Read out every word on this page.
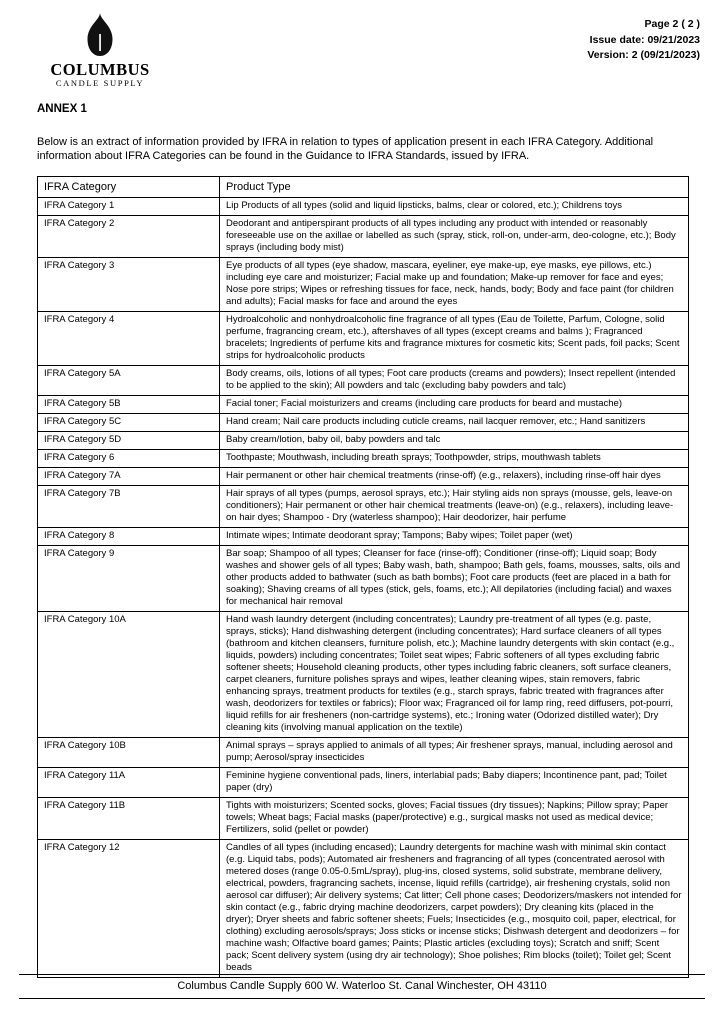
COLUMBUS
CANDLE SUPPLY
Page 2 ( 2 )
Issue date: 09/21/2023
Version: 2 (09/21/2023)
ANNEX 1

Below is an extract of information provided by IFRA in relation to types of application present in each IFRA Category. Additional information about IFRA Categories can be found in the Guidance to IFRA Standards, issued by IFRA.

IFRA Category	Product Type
IFRA Category 1	Lip Products of all types (solid and liquid lipsticks, balms, clear or colored, etc.); Childrens toys
IFRA Category 2	Deodorant and antiperspirant products of all types including any product with intended or reasonably foreseeable use on the axillae or labelled as such (spray, stick, roll-on, under-arm, deo-cologne, etc.); Body sprays (including body mist)
IFRA Category 3	Eye products of all types (eye shadow, mascara, eyeliner, eye make-up, eye masks, eye pillows, etc.) including eye care and moisturizer; Facial make up and foundation; Make-up remover for face and eyes; Nose pore strips; Wipes or refreshing tissues for face, neck, hands, body; Body and face paint (for children and adults); Facial masks for face and around the eyes
IFRA Category 4	Hydroalcoholic and nonhydroalcoholic fine fragrance of all types (Eau de Toilette, Parfum, Cologne, solid perfume, fragrancing cream, etc.), aftershaves of all types (except creams and balms ); Fragranced bracelets; Ingredients of perfume kits and fragrance mixtures for cosmetic kits; Scent pads, foil packs; Scent strips for hydroalcoholic products
IFRA Category 5A	Body creams, oils, lotions of all types; Foot care products (creams and powders); Insect repellent (intended to be applied to the skin); All powders and talc (excluding baby powders and talc)
IFRA Category 5B	Facial toner; Facial moisturizers and creams (including care products for beard and mustache)
IFRA Category 5C	Hand cream; Nail care products including cuticle creams, nail lacquer remover, etc.; Hand sanitizers
IFRA Category 5D	Baby cream/lotion, baby oil, baby powders and talc
IFRA Category 6	Toothpaste; Mouthwash, including breath sprays; Toothpowder, strips, mouthwash tablets
IFRA Category 7A	Hair permanent or other hair chemical treatments (rinse-off) (e.g., relaxers), including rinse-off hair dyes
IFRA Category 7B	Hair sprays of all types (pumps, aerosol sprays, etc.); Hair styling aids non sprays (mousse, gels, leave-on conditioners); Hair permanent or other hair chemical treatments (leave-on) (e.g., relaxers), including leave-on hair dyes; Shampoo - Dry (waterless shampoo); Hair deodorizer, hair perfume
IFRA Category 8	Intimate wipes; Intimate deodorant spray; Tampons; Baby wipes; Toilet paper (wet)
IFRA Category 9	Bar soap; Shampoo of all types; Cleanser for face (rinse-off); Conditioner (rinse-off); Liquid soap; Body washes and shower gels of all types; Baby wash, bath, shampoo; Bath gels, foams, mousses, salts, oils and other products added to bathwater (such as bath bombs); Foot care products (feet are placed in a bath for soaking); Shaving creams of all types (stick, gels, foams, etc.); All depilatories (including facial) and waxes for mechanical hair removal
IFRA Category 10A	Hand wash laundry detergent (including concentrates); Laundry pre-treatment of all types (e.g. paste, sprays, sticks); Hand dishwashing detergent (including concentrates); Hard surface cleaners of all types (bathroom and kitchen cleansers, furniture polish, etc.); Machine laundry detergents with skin contact (e.g., liquids, powders) including concentrates; Toilet seat wipes; Fabric softeners of all types excluding fabric softener sheets; Household cleaning products, other types including fabric cleaners, soft surface cleaners, carpet cleaners, furniture polishes sprays and wipes, leather cleaning wipes, stain removers, fabric enhancing sprays, treatment products for textiles (e.g., starch sprays, fabric treated with fragrances after wash, deodorizers for textiles or fabrics); Floor wax; Fragranced oil for lamp ring, reed diffusers, pot-pourri, liquid refills for air fresheners (non-cartridge systems), etc.; Ironing water (Odorized distilled water); Dry cleaning kits (involving manual application on the textile)
IFRA Category 10B	Animal sprays – sprays applied to animals of all types; Air freshener sprays, manual, including aerosol and pump; Aerosol/spray insecticides
IFRA Category 11A	Feminine hygiene conventional pads, liners, interlabial pads; Baby diapers; Incontinence pant, pad; Toilet paper (dry)
IFRA Category 11B	Tights with moisturizers; Scented socks, gloves; Facial tissues (dry tissues); Napkins; Pillow spray; Paper towels; Wheat bags; Facial masks (paper/protective) e.g., surgical masks not used as medical device; Fertilizers, solid (pellet or powder)
IFRA Category 12	Candles of all types (including encased); Laundry detergents for machine wash with minimal skin contact (e.g. Liquid tabs, pods); Automated air fresheners and fragrancing of all types (concentrated aerosol with metered doses (range 0.05-0.5mL/spray), plug-ins, closed systems, solid substrate, membrane delivery, electrical, powders, fragrancing sachets, incense, liquid refills (cartridge), air freshening crystals, solid non aerosol car diffuser); Air delivery systems; Cat litter; Cell phone cases; Deodorizers/maskers not intended for skin contact (e.g., fabric drying machine deodorizers, carpet powders); Dry cleaning kits (placed in the dryer); Dryer sheets and fabric softener sheets; Fuels; Insecticides (e.g., mosquito coil, paper, electrical, for clothing) excluding aerosols/sprays; Joss sticks or incense sticks; Dishwash detergent and deodorizers – for machine wash; Olfactive board games; Paints; Plastic articles (excluding toys); Scratch and sniff; Scent pack; Scent delivery system (using dry air technology); Shoe polishes; Rim blocks (toilet); Toilet gel; Scent beads
Columbus Candle Supply 600 W. Waterloo St. Canal Winchester, OH 43110
